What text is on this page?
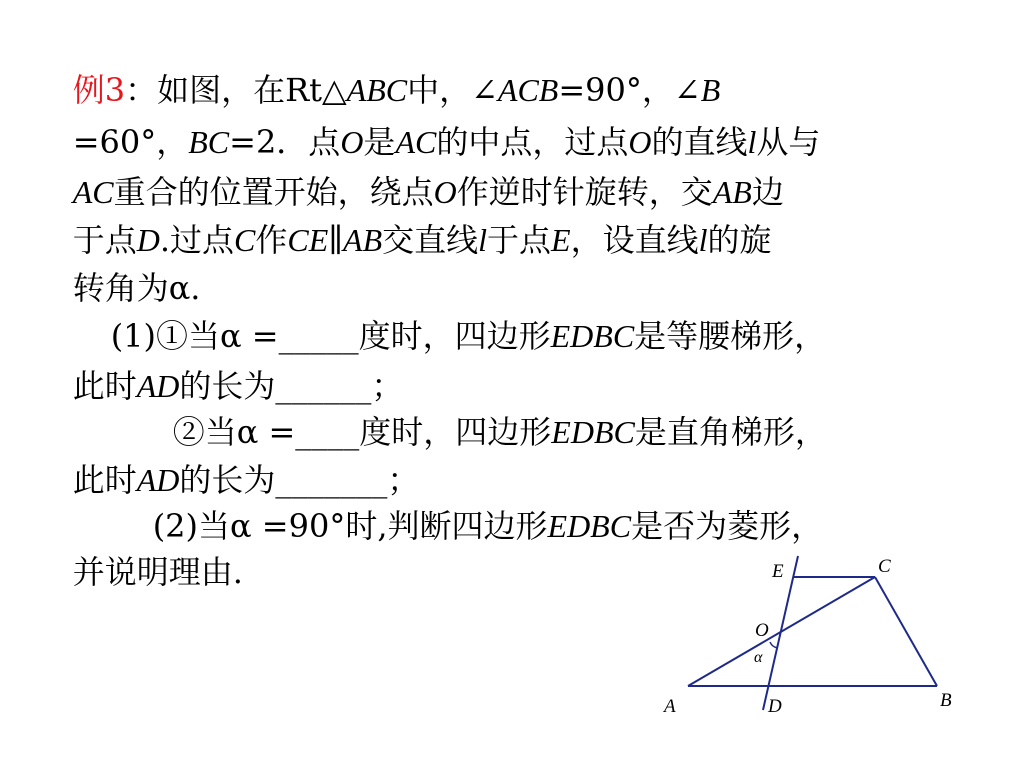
例3：如图，在Rt△ABC中，∠ACB=90°，∠B

=60°，BC=2．点O是AC的中点，过点O的直线l从与

AC重合的位置开始，绕点O作逆时针旋转，交AB边

于点D.过点C作CE∥AB交直线l于点E，设直线l的旋

转角为α.

(1)①当α =_____度时，四边形EDBC是等腰梯形，

此时AD的长为______；

②当α =____度时，四边形EDBC是直角梯形，

此时AD的长为_______；

(2)当α =90°时,判断四边形EDBC是否为菱形，

并说明理由.
	E	C
O
α
A	D	B
